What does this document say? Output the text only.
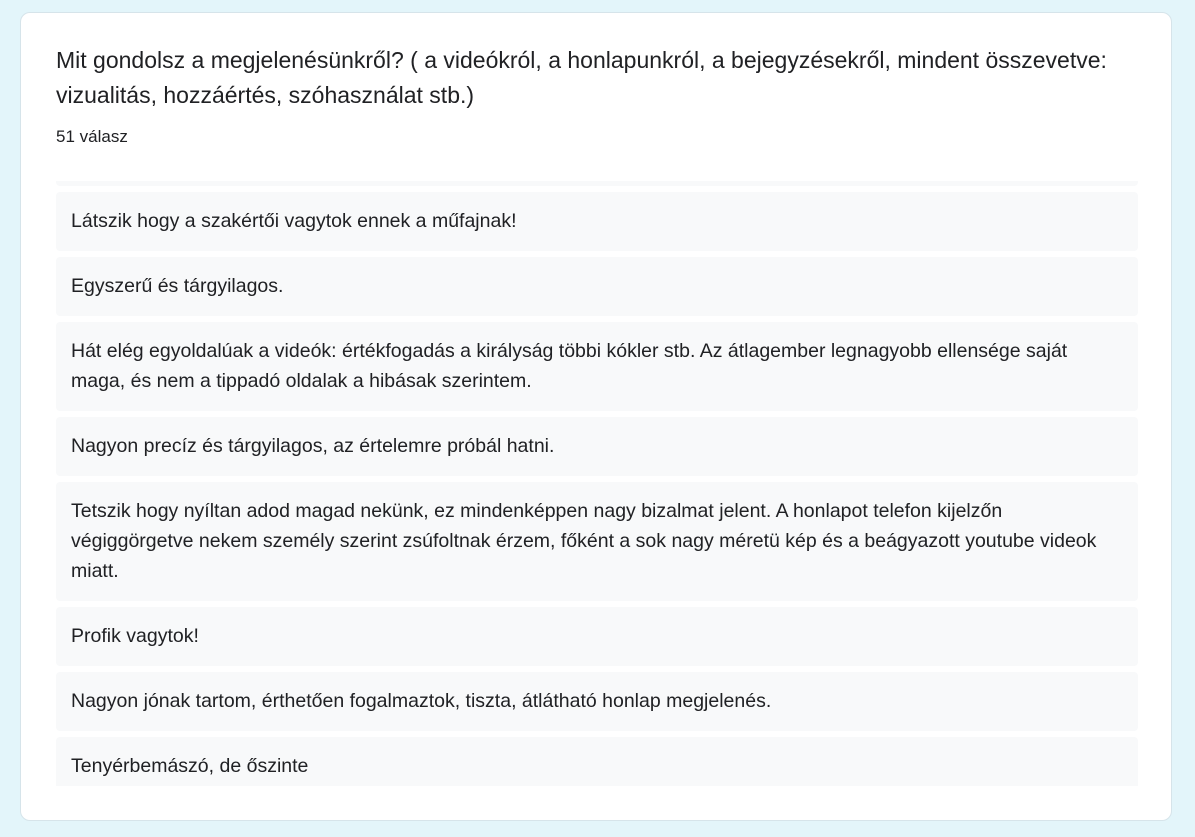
Mit gondolsz a megjelenésünkről? ( a videókról, a honlapunkról, a bejegyzésekről, mindent összevetve: vizualitás, hozzáértés, szóhasználat stb.)
51 válasz
Látszik hogy a szakértői vagytok ennek a műfajnak!
Egyszerű és tárgyilagos.
Hát elég egyoldalúak a videók: értékfogadás a királyság többi kókler stb. Az átlagember legnagyobb ellensége saját maga, és nem a tippadó oldalak a hibásak szerintem.
Nagyon precíz és tárgyilagos, az értelemre próbál hatni.
Tetszik hogy nyíltan adod magad nekünk, ez mindenképpen nagy bizalmat jelent. A honlapot telefon kijelzőn végiggörgetve nekem személy szerint zsúfoltnak érzem, főként a sok nagy méretü kép és a beágyazott youtube videok miatt.
Profik vagytok!
Nagyon jónak tartom, érthetően fogalmaztok, tiszta, átlátható honlap megjelenés.
Tenyérbemászó, de őszinte
